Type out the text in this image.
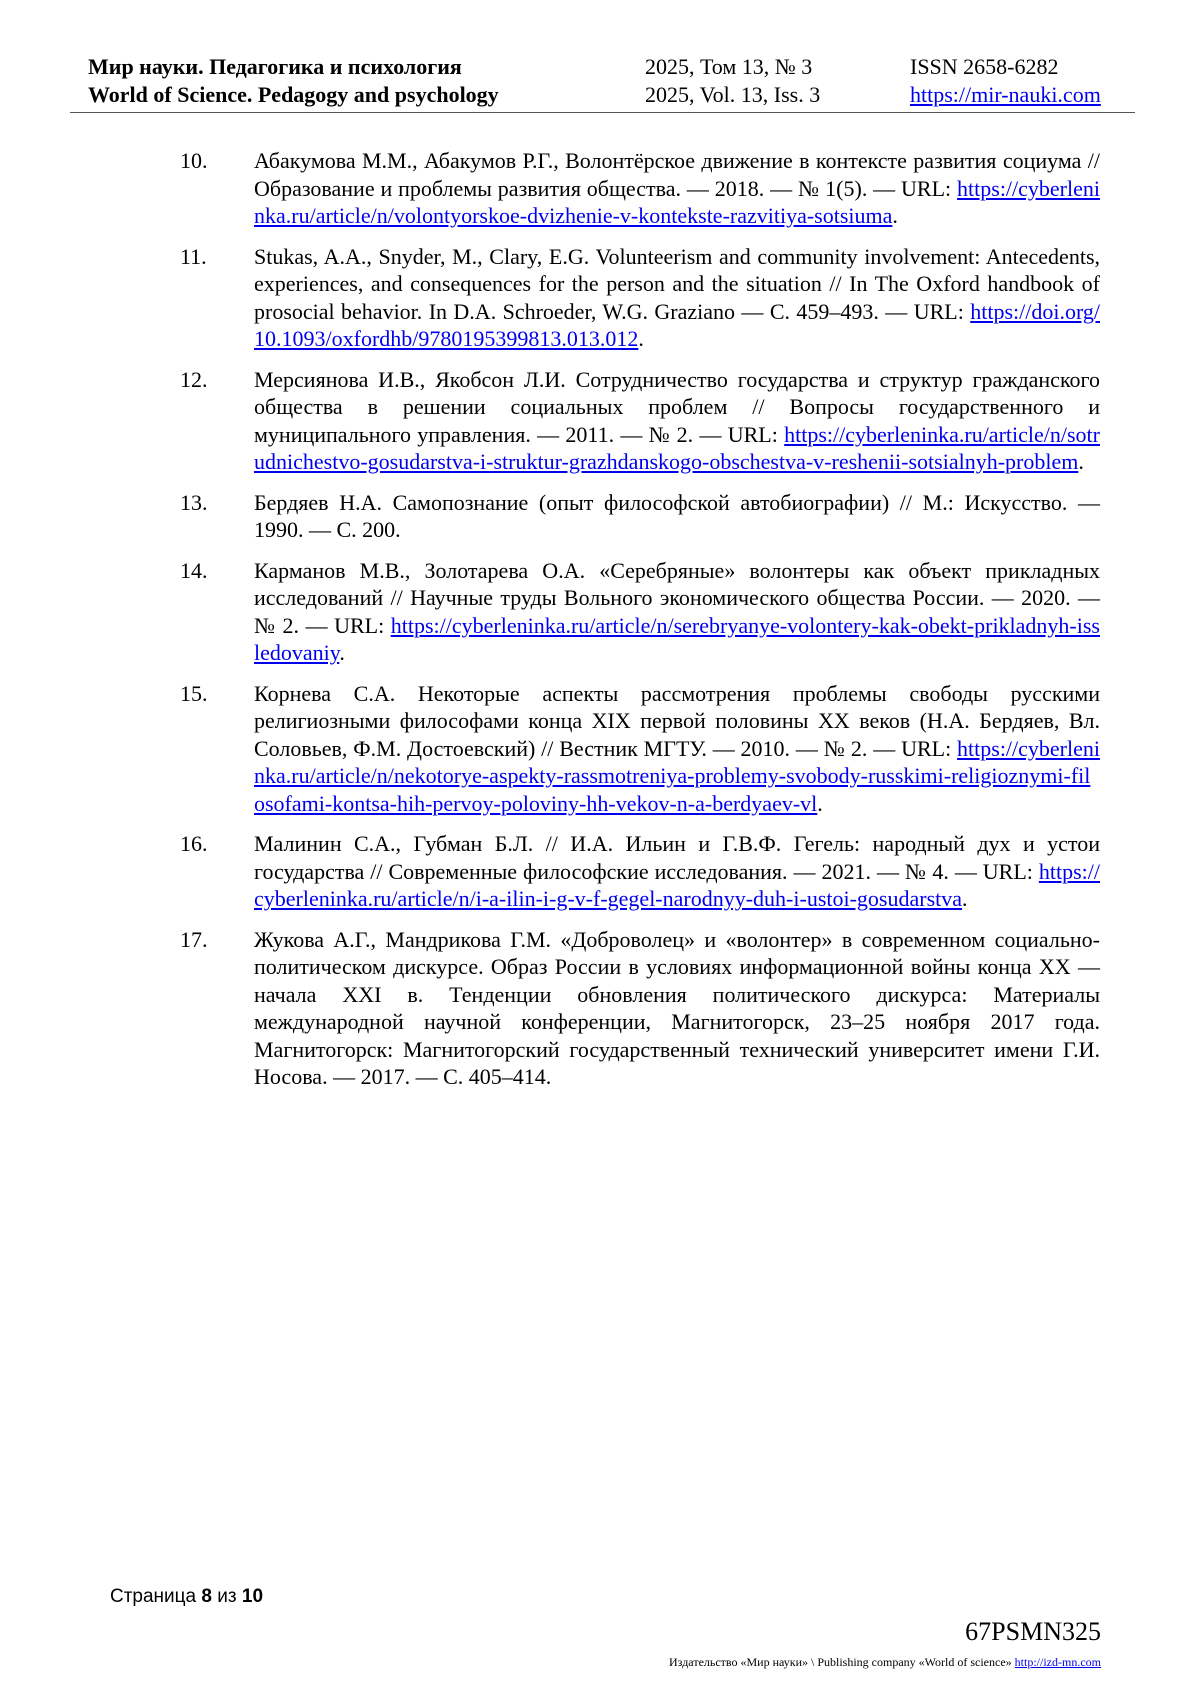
Мир науки. Педагогика и психология
World of Science. Pedagogy and psychology
2025, Том 13, № 3
2025, Vol. 13, Iss. 3
ISSN 2658-6282
https://mir-nauki.com
10. Абакумова М.М., Абакумов Р.Г., Волонтёрское движение в контексте развития социума // Образование и проблемы развития общества. — 2018. — № 1(5). — URL: https://cyberleninka.ru/article/n/volontyorskoe-dvizhenie-v-kontekste-razvitiya-sotsiuma.
11. Stukas, A.A., Snyder, M., Clary, E.G. Volunteerism and community involvement: Antecedents, experiences, and consequences for the person and the situation // In The Oxford handbook of prosocial behavior. In D.A. Schroeder, W.G. Graziano — C. 459–493. — URL: https://doi.org/10.1093/oxfordhb/9780195399813.013.012.
12. Мерсиянова И.В., Якобсон Л.И. Сотрудничество государства и структур гражданского общества в решении социальных проблем // Вопросы государственного и муниципального управления. — 2011. — № 2. — URL: https://cyberleninka.ru/article/n/sotrudnichestvo-gosudarstva-i-struktur-grazhdanskogo-obschestva-v-reshenii-sotsialnyh-problem.
13. Бердяев Н.А. Самопознание (опыт философской автобиографии) // М.: Искусство. — 1990. — С. 200.
14. Карманов М.В., Золотарева О.А. «Серебряные» волонтеры как объект прикладных исследований // Научные труды Вольного экономического общества России. — 2020. — № 2. — URL: https://cyberleninka.ru/article/n/serebryanye-volontery-kak-obekt-prikladnyh-issledovaniy.
15. Корнева С.А. Некоторые аспекты рассмотрения проблемы свободы русскими религиозными философами конца XIX первой половины XX веков (Н.А. Бердяев, Вл. Соловьев, Ф.М. Достоевский) // Вестник МГТУ. — 2010. — № 2. — URL: https://cyberleninka.ru/article/n/nekotorye-aspekty-rassmotreniya-problemy-svobody-russkimi-religioznymi-filosofami-kontsa-hih-pervoy-poloviny-hh-vekov-n-a-berdyaev-vl.
16. Малинин С.А., Губман Б.Л. // И.А. Ильин и Г.В.Ф. Гегель: народный дух и устои государства // Современные философские исследования. — 2021. — № 4. — URL: https://cyberleninka.ru/article/n/i-a-ilin-i-g-v-f-gegel-narodnyy-duh-i-ustoi-gosudarstva.
17. Жукова А.Г., Мандрикова Г.М. «Доброволец» и «волонтер» в современном социально-политическом дискурсе. Образ России в условиях информационной войны конца XX — начала XXI в. Тенденции обновления политического дискурса: Материалы международной научной конференции, Магнитогорск, 23–25 ноября 2017 года. Магнитогорск: Магнитогорский государственный технический университет имени Г.И. Носова. — 2017. — С. 405–414.
Страница 8 из 10
67PSMN325
Издательство «Мир науки» \ Publishing company «World of science» http://izd-mn.com
